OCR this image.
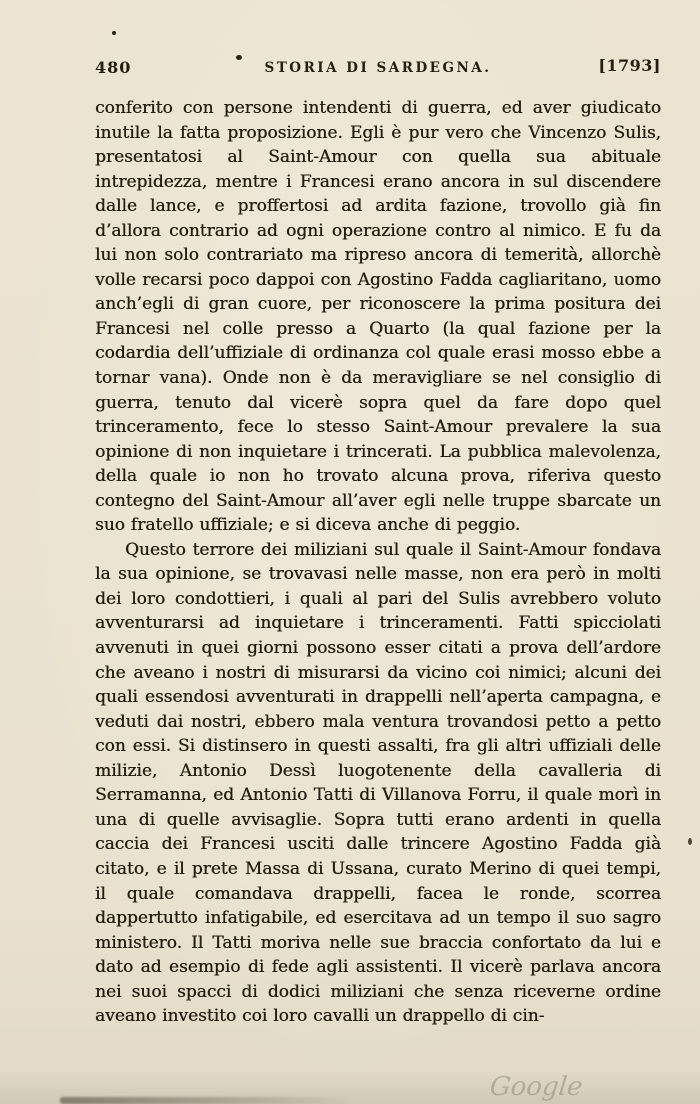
480	STORIA DI SARDEGNA.	[1793]

conferito con persone intendenti di guerra, ed aver giudicato inutile la fatta proposizione. Egli è pur vero che Vincenzo Sulis, presentatosi al Saint-Amour con quella sua abituale intrepidezza, mentre i Francesi erano ancora in sul discendere dalle lance, e proffertosi ad ardita fazione, trovollo già fin d’allora contrario ad ogni operazione contro al nimico. E fu da lui non solo contrariato ma ripreso ancora di temerità, allorchè volle recarsi poco dappoi con Agostino Fadda cagliaritano, uomo anch’egli di gran cuore, per riconoscere la prima positura dei Francesi nel colle presso a Quarto (la qual fazione per la codardia dell’uffiziale di ordinanza col quale erasi mosso ebbe a tornar vana). Onde non è da meravigliare se nel consiglio di guerra, tenuto dal vicerè sopra quel da fare dopo quel trinceramento, fece lo stesso Saint-Amour prevalere la sua opinione di non inquietare i trincerati. La pubblica malevolenza, della quale io non ho trovato alcuna prova, riferiva questo contegno del Saint-Amour all’aver egli nelle truppe sbarcate un suo fratello uffiziale; e si diceva anche di peggio.

Questo terrore dei miliziani sul quale il Saint-Amour fondava la sua opinione, se trovavasi nelle masse, non era però in molti dei loro condottieri, i quali al pari del Sulis avrebbero voluto avventurarsi ad inquietare i trinceramenti. Fatti spicciolati avvenuti in quei giorni possono esser citati a prova dell’ardore che aveano i nostri di misurarsi da vicino coi nimici; alcuni dei quali essendosi avventurati in drappelli nell’aperta campagna, e veduti dai nostri, ebbero mala ventura trovandosi petto a petto con essi. Si distinsero in questi assalti, fra gli altri uffiziali delle milizie, Antonio Dessì luogotenente della cavalleria di Serramanna, ed Antonio Tatti di Villanova Forru, il quale morì in una di quelle avvisaglie. Sopra tutti erano ardenti in quella caccia dei Francesi usciti dalle trincere Agostino Fadda già citato, e il prete Massa di Ussana, curato Merino di quei tempi, il quale comandava drappelli, facea le ronde, scorrea dappertutto infatigabile, ed esercitava ad un tempo il suo sagro ministero. Il Tatti moriva nelle sue braccia confortato da lui e dato ad esempio di fede agli assistenti. Il vicerè parlava ancora nei suoi spacci di dodici miliziani che senza riceverne ordine aveano investito coi loro cavalli un drappello di cin-

Google
